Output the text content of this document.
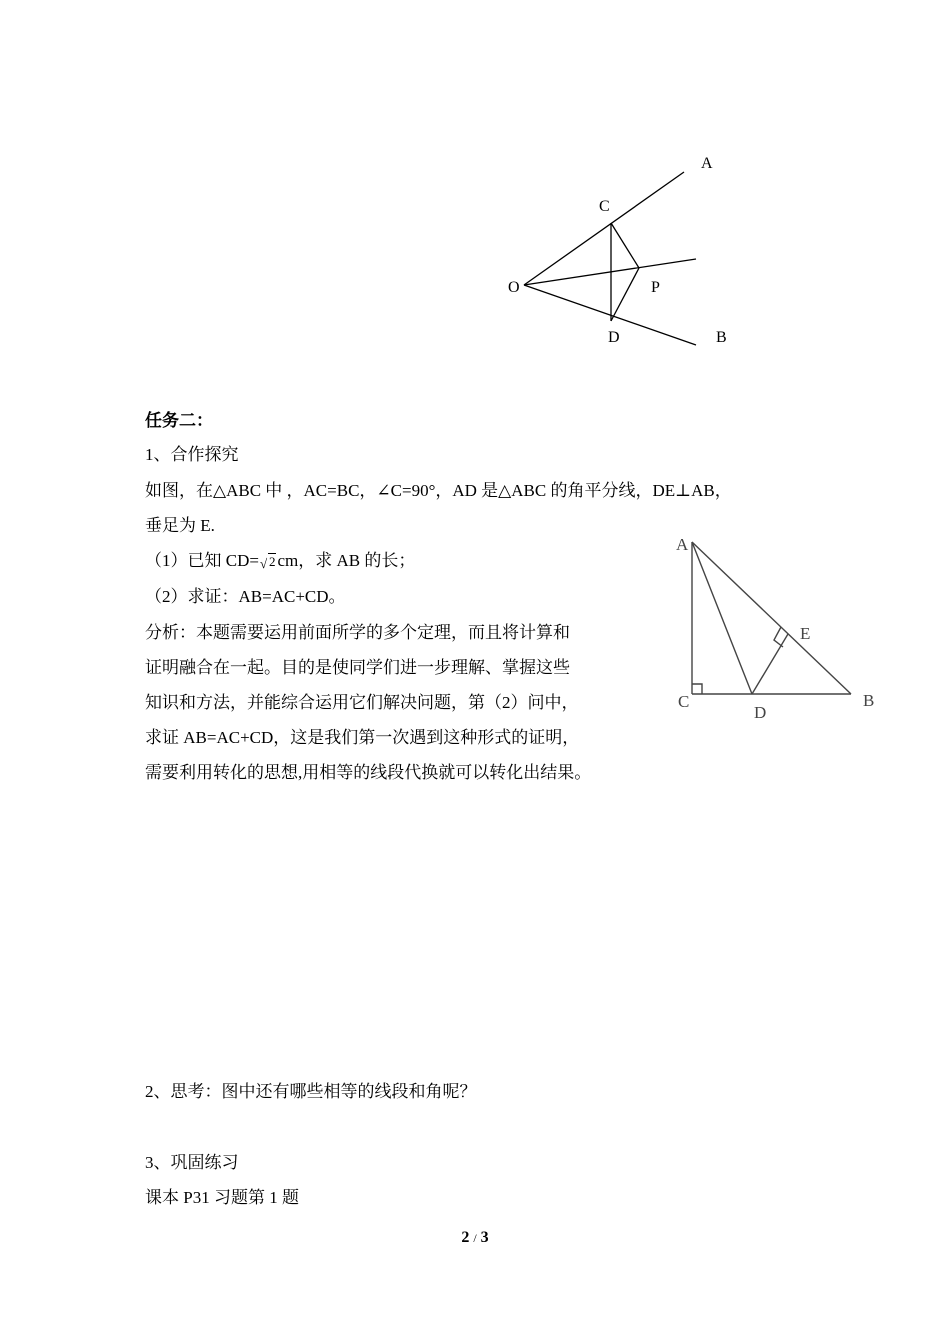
A
C
O	P
D	B
任务二：
1、合作探究
如图，在△ABC 中 ，AC=BC，∠C=90°，AD 是△ABC 的角平分线，DE⊥AB，
垂足为 E.
（1）已知 CD= √ 2 cm，求 AB 的长；
（2）求证：AB=AC+CD。
分析：本题需要运用前面所学的多个定理，而且将计算和
证明融合在一起。目的是使同学们进一步理解、掌握这些
知识和方法，并能综合运用它们解决问题，第（2）问中，
求证 AB=AC+CD，这是我们第一次遇到这种形式的证明，
需要利用转化的思想,用相等的线段代换就可以转化出结果。
A
E
C
D
B
2、思考：图中还有哪些相等的线段和角呢？
3、巩固练习
课本 P31 习题第 1 题
2 / 3
